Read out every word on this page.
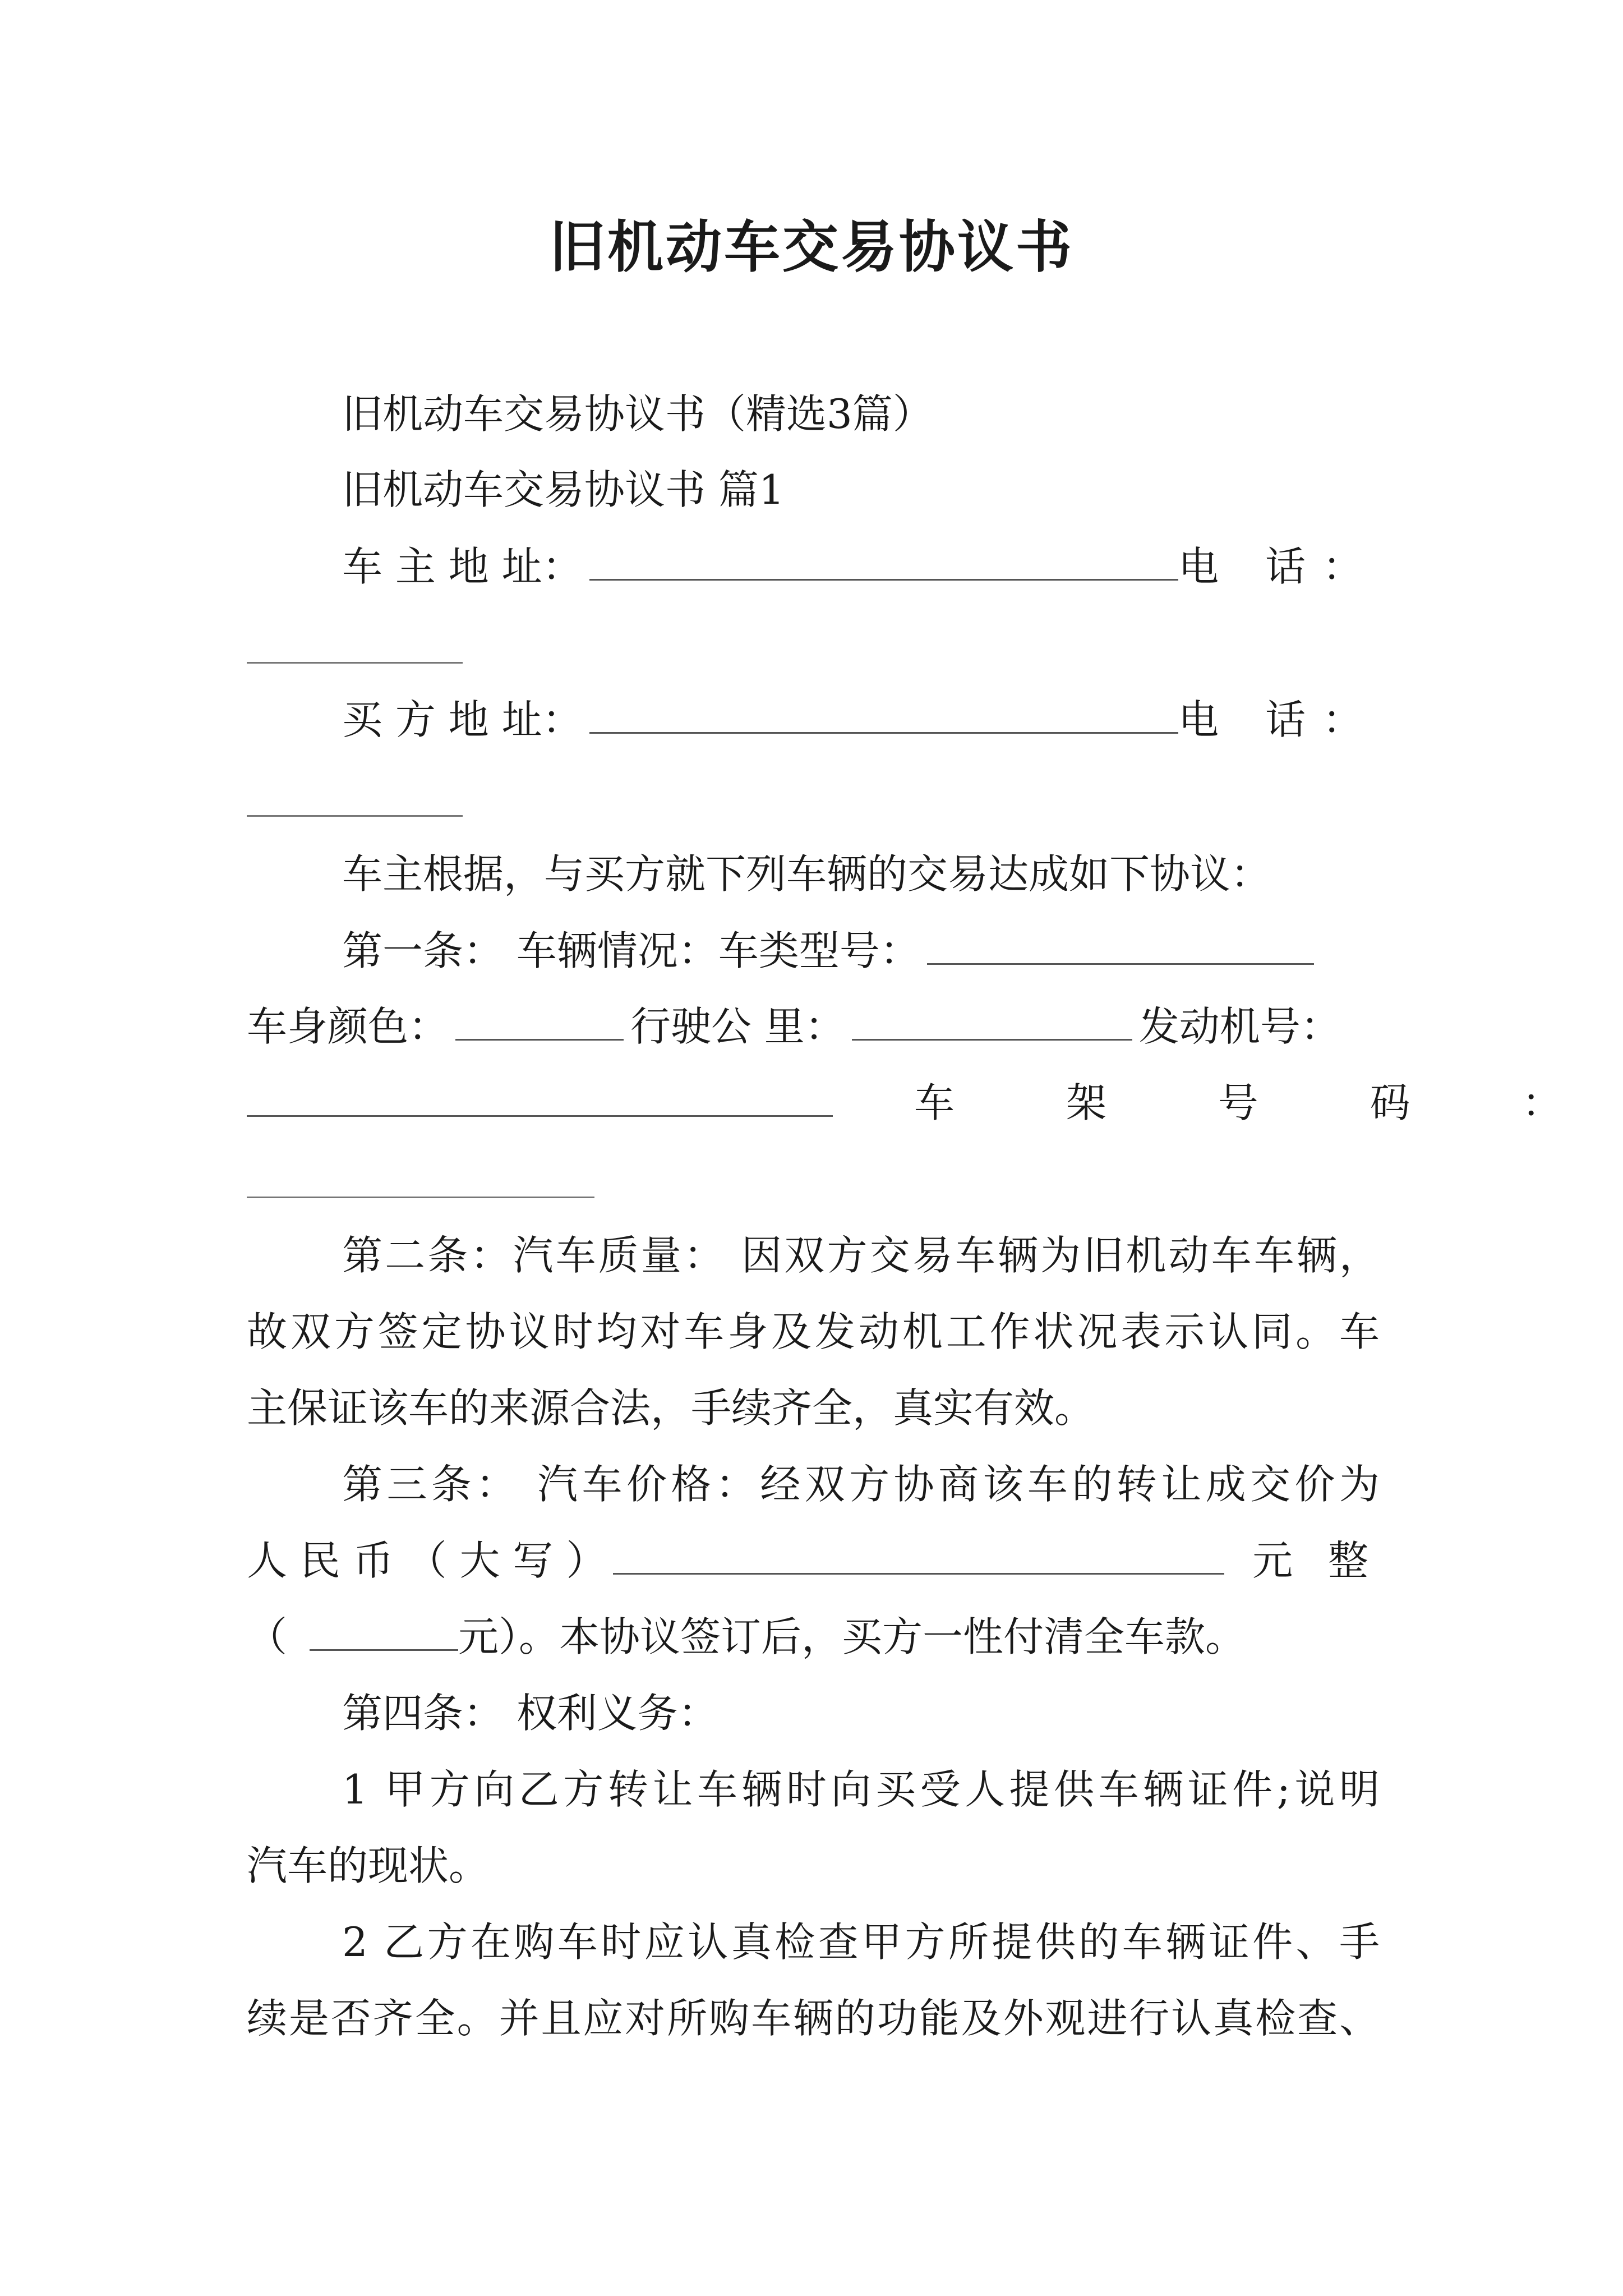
旧机动车交易协议书
旧机动车交易协议书（精选3篇）
旧机动车交易协议书 篇1
车 主 地 址：	电 话：
买 方 地 址：	电 话：
车主根据，与买方就下列车辆的交易达成如下协议：
第一条： 车辆情况：车类型号：
车身颜色：	行驶公 里：	发动机号：
车 架 号 码 ：
第二条：汽车质量： 因双方交易车辆为旧机动车车辆，
故双方签定协议时均对车身及发动机工作状况表示认同。车
主保证该车的来源合法，手续齐全，真实有效。
第三条： 汽车价格：经双方协商该车的转让成交价为
人 民 币 （ 大 写 ）	元 整
（	元）。本协议签订后，买方一性付清全车款。
第四条： 权利义务：
1 甲方向乙方转让车辆时向买受人提供车辆证件;说明
汽车的现状。
2 乙方在购车时应认真检查甲方所提供的车辆证件、手
续是否齐全。并且应对所购车辆的功能及外观进行认真检查、
